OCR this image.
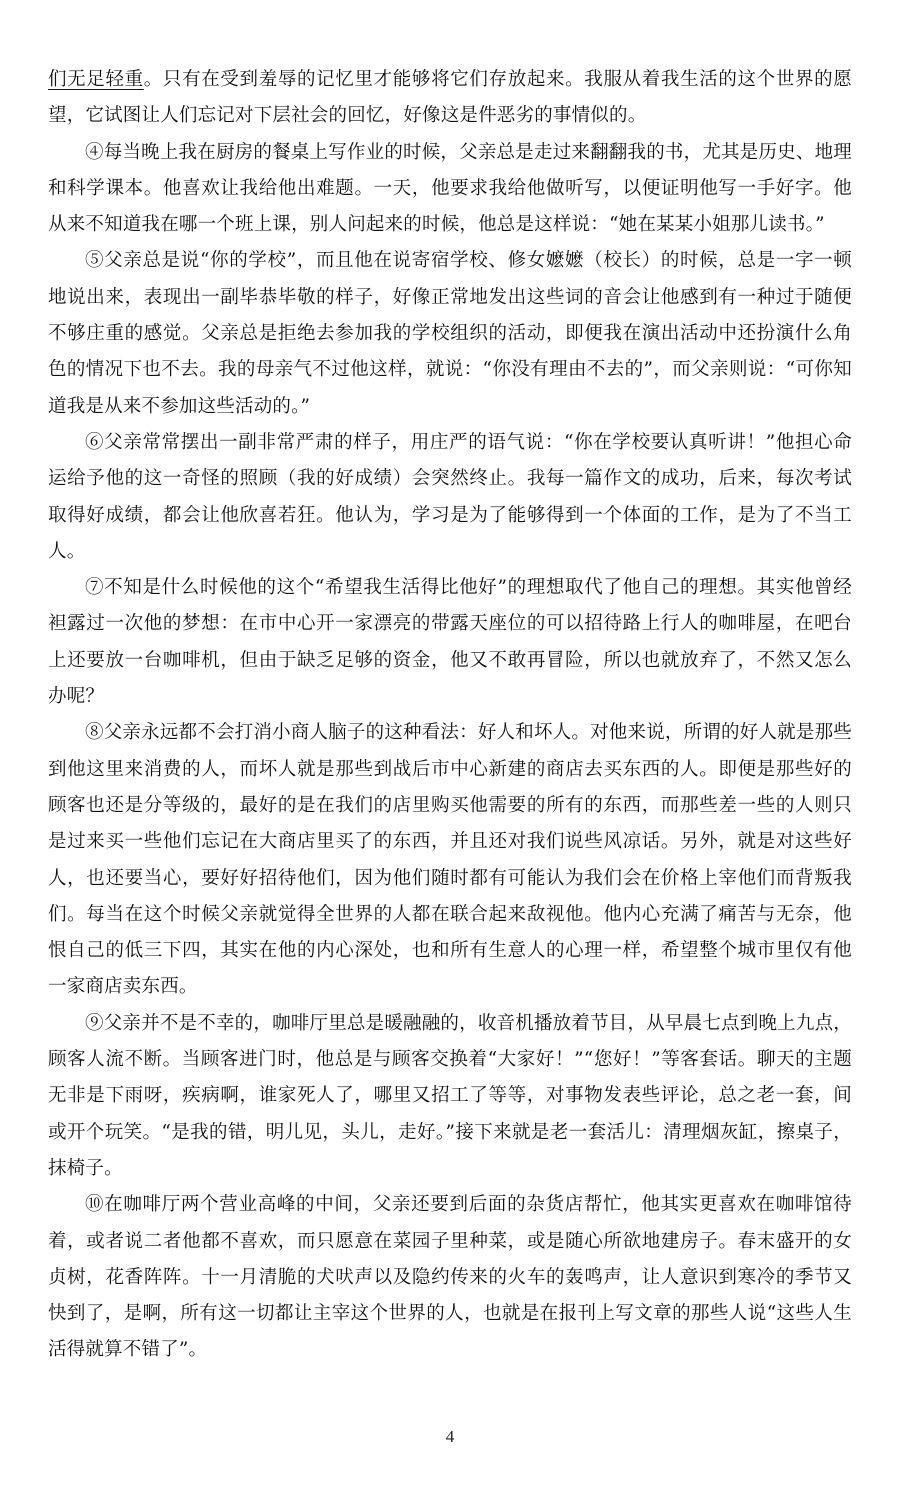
们无足轻重。只有在受到羞辱的记忆里才能够将它们存放起来。我服从着我生活的这个世界的愿望，它试图让人们忘记对下层社会的回忆，好像这是件恶劣的事情似的。

④每当晚上我在厨房的餐桌上写作业的时候，父亲总是走过来翻翻我的书，尤其是历史、地理和科学课本。他喜欢让我给他出难题。一天，他要求我给他做听写，以便证明他写一手好字。他从来不知道我在哪一个班上课，别人问起来的时候，他总是这样说：“她在某某小姐那儿读书。”

⑤父亲总是说“你的学校”，而且他在说寄宿学校、修女嬷嬷（校长）的时候，总是一字一顿地说出来，表现出一副毕恭毕敬的样子，好像正常地发出这些词的音会让他感到有一种过于随便不够庄重的感觉。父亲总是拒绝去参加我的学校组织的活动，即便我在演出活动中还扮演什么角色的情况下也不去。我的母亲气不过他这样，就说：“你没有理由不去的”，而父亲则说：“可你知道我是从来不参加这些活动的。”

⑥父亲常常摆出一副非常严肃的样子，用庄严的语气说：“你在学校要认真听讲！”他担心命运给予他的这一奇怪的照顾（我的好成绩）会突然终止。我每一篇作文的成功，后来，每次考试取得好成绩，都会让他欣喜若狂。他认为，学习是为了能够得到一个体面的工作，是为了不当工人。

⑦不知是什么时候他的这个“希望我生活得比他好”的理想取代了他自己的理想。其实他曾经袒露过一次他的梦想：在市中心开一家漂亮的带露天座位的可以招待路上行人的咖啡屋，在吧台上还要放一台咖啡机，但由于缺乏足够的资金，他又不敢再冒险，所以也就放弃了，不然又怎么办呢？

⑧父亲永远都不会打消小商人脑子的这种看法：好人和坏人。对他来说，所谓的好人就是那些到他这里来消费的人，而坏人就是那些到战后市中心新建的商店去买东西的人。即便是那些好的顾客也还是分等级的，最好的是在我们的店里购买他需要的所有的东西，而那些差一些的人则只是过来买一些他们忘记在大商店里买了的东西，并且还对我们说些风凉话。另外，就是对这些好人，也还要当心，要好好招待他们，因为他们随时都有可能认为我们会在价格上宰他们而背叛我们。每当在这个时候父亲就觉得全世界的人都在联合起来敌视他。他内心充满了痛苦与无奈，他恨自己的低三下四，其实在他的内心深处，也和所有生意人的心理一样，希望整个城市里仅有他一家商店卖东西。

⑨父亲并不是不幸的，咖啡厅里总是暖融融的，收音机播放着节目，从早晨七点到晚上九点，顾客人流不断。当顾客进门时，他总是与顾客交换着“大家好！”“您好！”等客套话。聊天的主题无非是下雨呀，疾病啊，谁家死人了，哪里又招工了等等，对事物发表些评论，总之老一套，间或开个玩笑。“是我的错，明儿见，头儿，走好。”接下来就是老一套活儿：清理烟灰缸，擦桌子，抹椅子。

⑩在咖啡厅两个营业高峰的中间，父亲还要到后面的杂货店帮忙，他其实更喜欢在咖啡馆待着，或者说二者他都不喜欢，而只愿意在菜园子里种菜，或是随心所欲地建房子。春末盛开的女贞树，花香阵阵。十一月清脆的犬吠声以及隐约传来的火车的轰鸣声，让人意识到寒冷的季节又快到了，是啊，所有这一切都让主宰这个世界的人，也就是在报刊上写文章的那些人说“这些人生活得就算不错了”。

4
